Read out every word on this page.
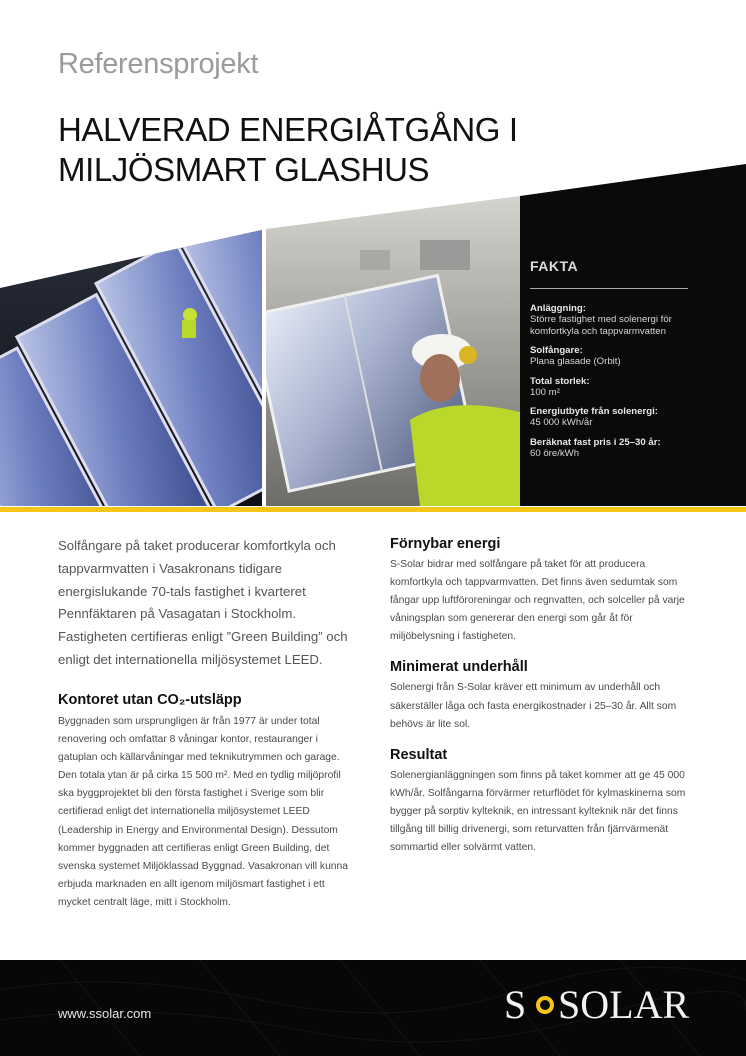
Referensprojekt
HALVERAD ENERGIÅTGÅNG I MILJÖSMART GLASHUS
FAKTA
Anläggning:
Större fastighet med solenergi för komfortkyla och tappvarmvatten
Solfångare:
Plana glasade (Orbit)
Total storlek:
100 m²
Energiutbyte från solenergi:
45 000 kWh/år
Beräknat fast pris i 25–30 år:
60 öre/kWh

Solfångare på taket producerar komfortkyla och tappvarmvatten i Vasakronans tidigare energislukande 70-tals fastighet i kvarteret Pennfäktaren på Vasagatan i Stockholm. Fastigheten certifieras enligt ”Green Building” och enligt det internationella miljösystemet LEED.

Kontoret utan CO₂-utsläpp

Byggnaden som ursprungligen är från 1977 är under total renovering och omfattar 8 våningar kontor, restauranger i gatuplan och källarvåningar med teknikutrymmen och garage. Den totala ytan är på cirka 15 500 m². Med en tydlig miljöprofil ska byggprojektet bli den första fastighet i Sverige som blir certifierad enligt det internationella miljösystemet LEED (Leadership in Energy and Environmental Design). Dessutom kommer byggnaden att certifieras enligt Green Building, det svenska systemet Miljöklassad Byggnad. Vasakronan vill kunna erbjuda marknaden en allt igenom miljösmart fastighet i ett mycket centralt läge, mitt i Stockholm.

Förnybar energi

S-Solar bidrar med solfångare på taket för att producera komfortkyla och tappvarmvatten. Det finns även sedumtak som fångar upp luftföroreningar och regnvatten, och solceller på varje våningsplan som genererar den energi som går åt för miljöbelysning i fastigheten.

Minimerat underhåll

Solenergi från S-Solar kräver ett minimum av underhåll och säkerställer låga och fasta energikostnader i 25–30 år. Allt som behövs är lite sol.

Resultat

Solenergianläggningen som finns på taket kommer att ge 45 000 kWh/år. Solfångarna förvärmer returflödet för kylmaskinerna som bygger på sorptiv kylteknik, en intressant kylteknik när det finns tillgång till billig drivenergi, som returvatten från fjärrvärmenät sommartid eller solvärmt vatten.

www.ssolar.com	S SOLAR
